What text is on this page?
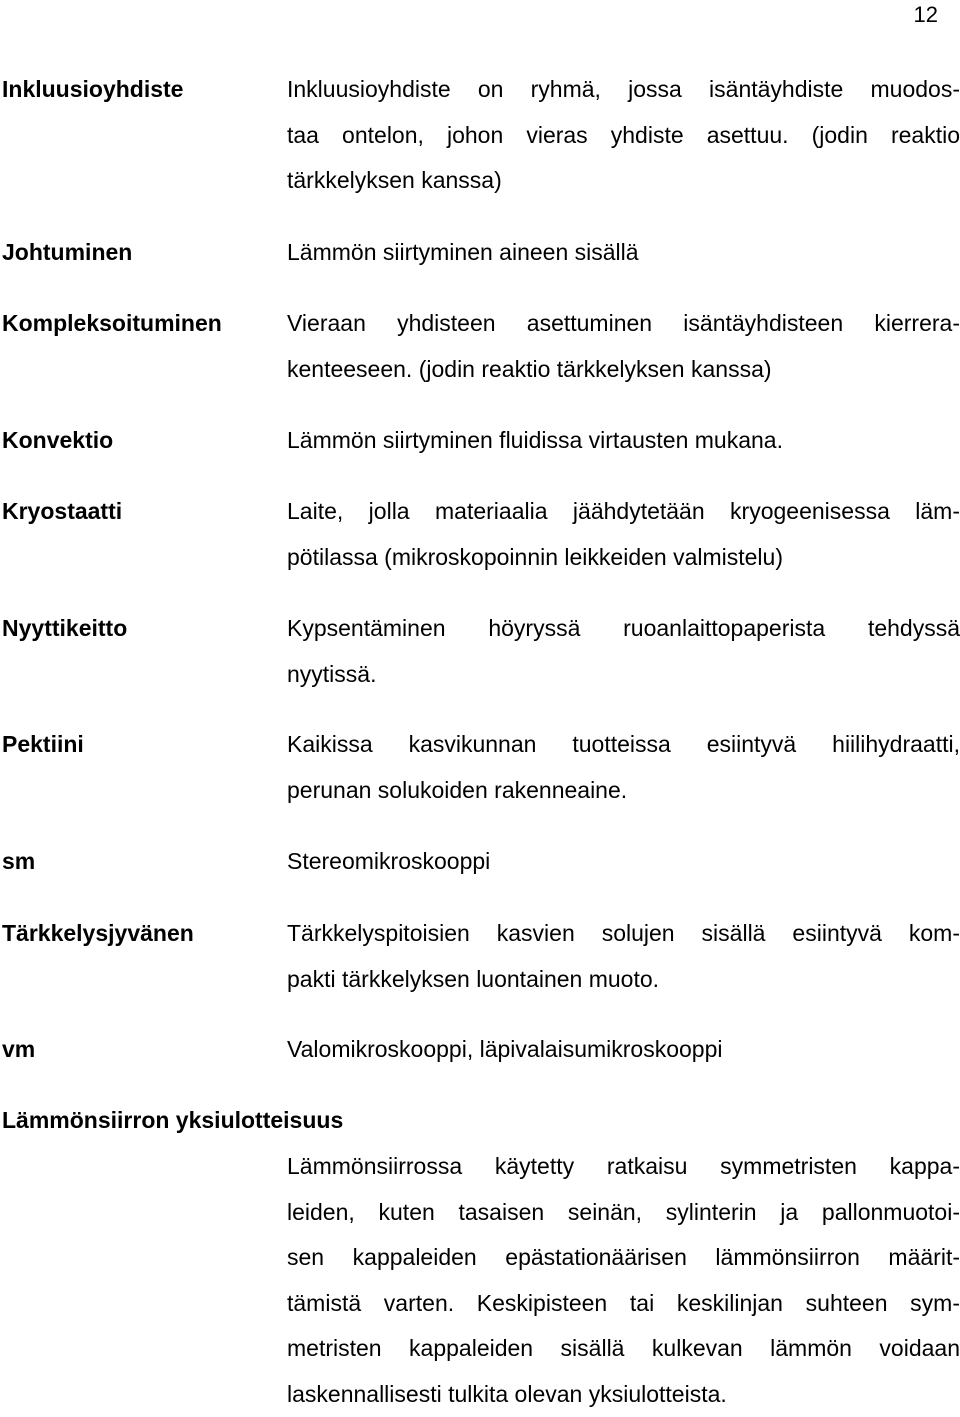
12
Inkluusioyhdiste	Inkluusioyhdiste on ryhmä, jossa isäntäyhdiste muodos-
taa ontelon, johon vieras yhdiste asettuu. (jodin reaktio
tärkkelyksen kanssa)
Johtuminen	Lämmön siirtyminen aineen sisällä
Kompleksoituminen	Vieraan yhdisteen asettuminen isäntäyhdisteen kierrera-
kenteeseen. (jodin reaktio tärkkelyksen kanssa)
Konvektio	Lämmön siirtyminen fluidissa virtausten mukana.
Kryostaatti	Laite, jolla materiaalia jäähdytetään kryogeenisessa läm-
pötilassa (mikroskopoinnin leikkeiden valmistelu)
Nyyttikeitto	Kypsentäminen höyryssä ruoanlaittopaperista tehdyssä
nyytissä.
Pektiini	Kaikissa kasvikunnan tuotteissa esiintyvä hiilihydraatti,
perunan solukoiden rakenneaine.
sm	Stereomikroskooppi
Tärkkelysjyvänen	Tärkkelyspitoisien kasvien solujen sisällä esiintyvä kom-
pakti tärkkelyksen luontainen muoto.
vm	Valomikroskooppi, läpivalaisumikroskooppi
Lämmönsiirron yksiulotteisuus
Lämmönsiirrossa käytetty ratkaisu symmetristen kappa-
leiden, kuten tasaisen seinän, sylinterin ja pallonmuotoi-
sen kappaleiden epästationäärisen lämmönsiirron määrit-
tämistä varten. Keskipisteen tai keskilinjan suhteen sym-
metristen kappaleiden sisällä kulkevan lämmön voidaan
laskennallisesti tulkita olevan yksiulotteista.
